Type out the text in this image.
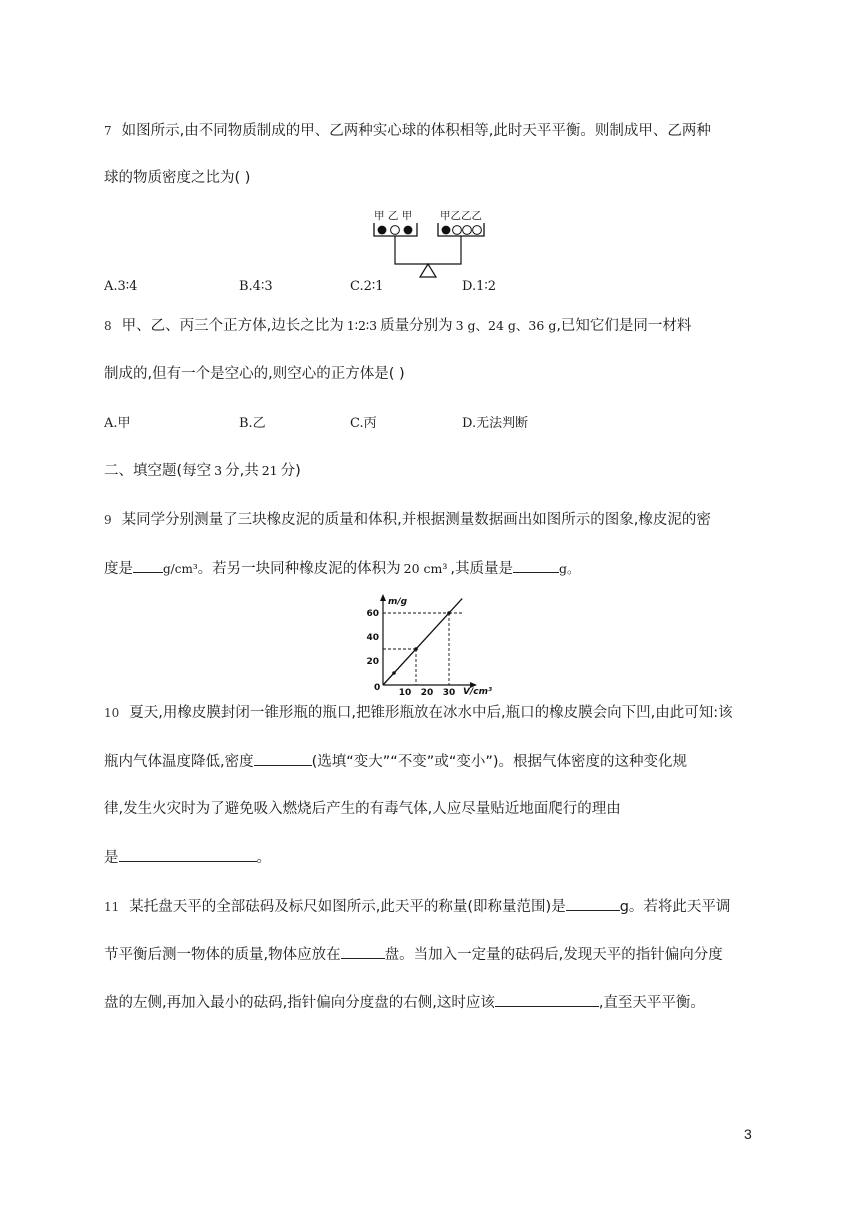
7 如图所示,由不同物质制成的甲、乙两种实心球的体积相等,此时天平平衡。则制成甲、乙两种
球的物质密度之比为( )
甲 乙 甲	甲乙乙乙
A.3∶4	B.4∶3	C.2∶1	D.1∶2
8 甲、乙、丙三个正方体,边长之比为 1∶2∶3 质量分别为 3 g、24 g、36 g,已知它们是同一材料
制成的,但有一个是空心的,则空心的正方体是( )
A.甲	B.乙	C.丙	D.无法判断
二、填空题(每空 3 分,共 21 分)
9 某同学分别测量了三块橡皮泥的质量和体积,并根据测量数据画出如图所示的图象,橡皮泥的密
度是	g/cm³。若另一块同种橡皮泥的体积为 20 cm³ ,其质量是	g。
m/g
V/cm³
0
20
40
60
10 20 30
10 夏天,用橡皮膜封闭一锥形瓶的瓶口,把锥形瓶放在冰水中后,瓶口的橡皮膜会向下凹,由此可知:该
瓶内气体温度降低,密度	(选填“变大”“不变”或“变小”)。根据气体密度的这种变化规
律,发生火灾时为了避免吸入燃烧后产生的有毒气体,人应尽量贴近地面爬行的理由
是	。
11 某托盘天平的全部砝码及标尺如图所示,此天平的称量(即称量范围)是	g。若将此天平调
节平衡后测一物体的质量,物体应放在	盘。当加入一定量的砝码后,发现天平的指针偏向分度
盘的左侧,再加入最小的砝码,指针偏向分度盘的右侧,这时应该	,直至天平平衡。
3
